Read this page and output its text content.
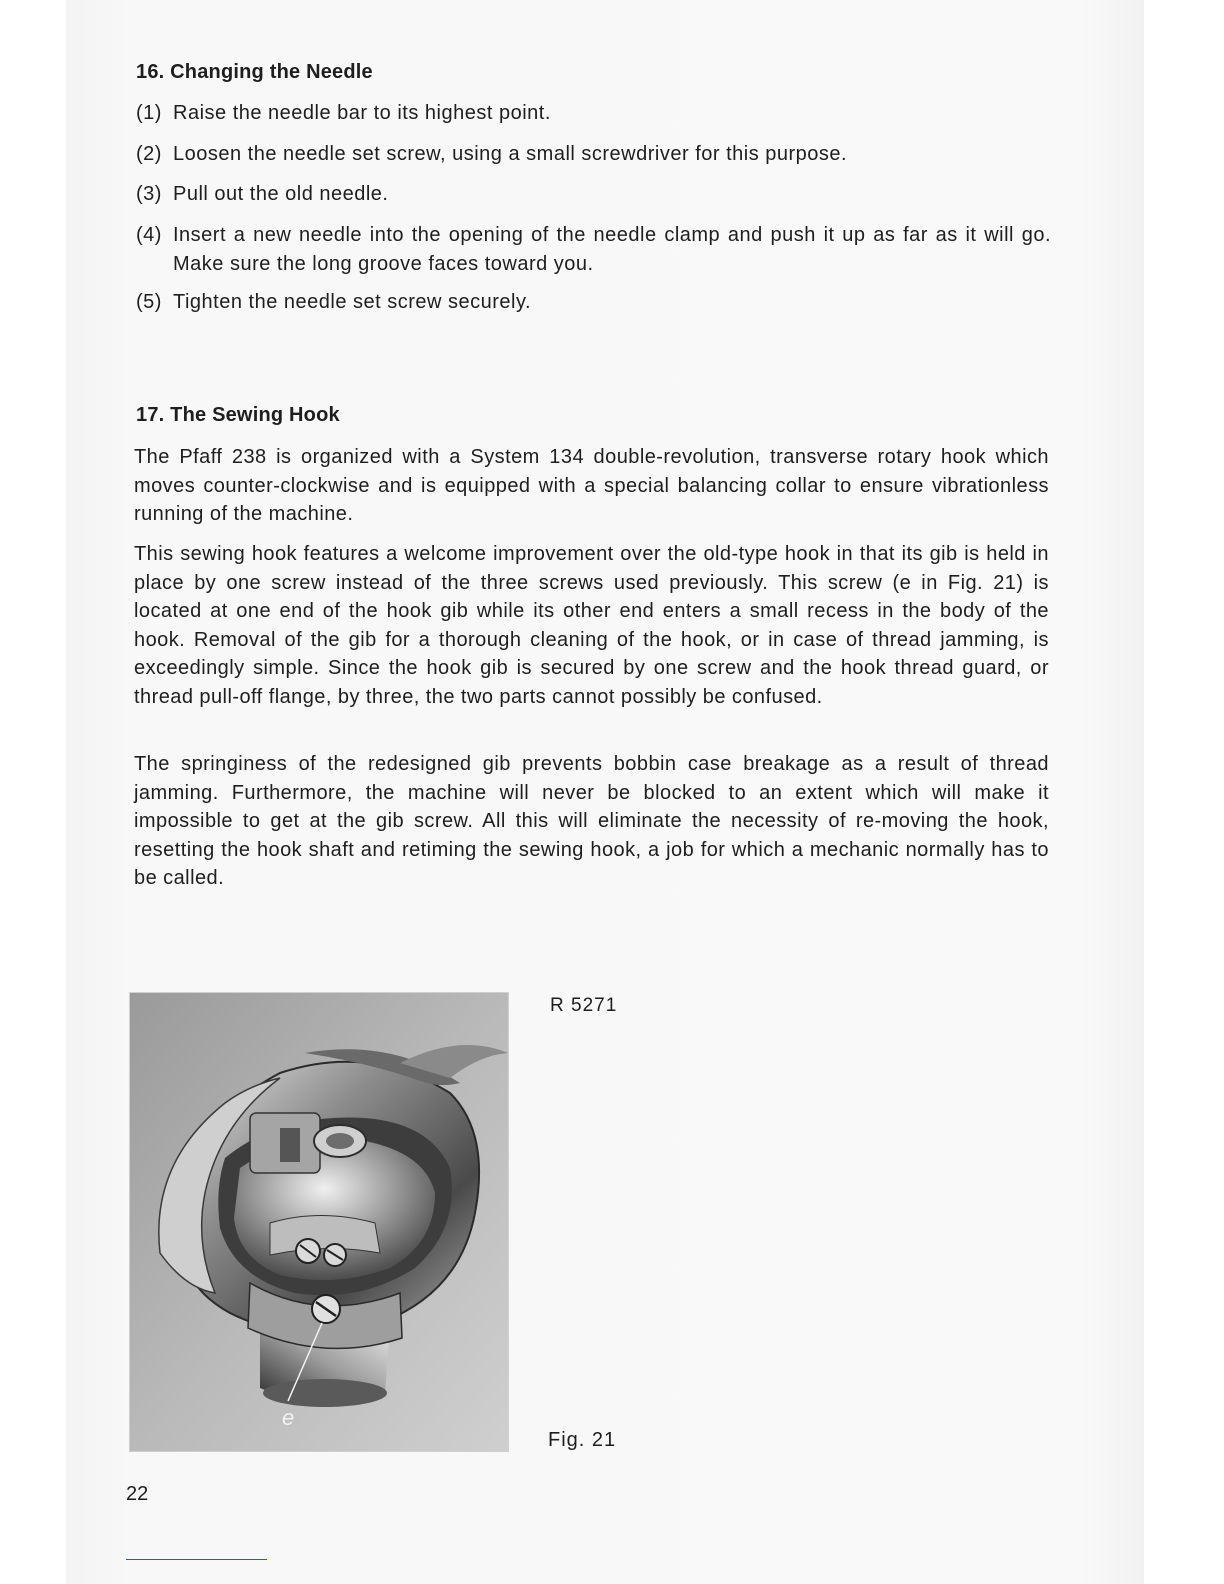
16. Changing the Needle
(1) Raise the needle bar to its highest point.
(2) Loosen the needle set screw, using a small screwdriver for this purpose.
(3) Pull out the old needle.
(4) Insert a new needle into the opening of the needle clamp and push it up as far as it will go. Make sure the long groove faces toward you.
(5) Tighten the needle set screw securely.
17. The Sewing Hook

The Pfaff 238 is organized with a System 134 double-revolution, transverse rotary hook which moves counter-clockwise and is equipped with a special balancing collar to ensure vibrationless running of the machine.

This sewing hook features a welcome improvement over the old-type hook in that its gib is held in place by one screw instead of the three screws used previously. This screw (e in Fig. 21) is located at one end of the hook gib while its other end enters a small recess in the body of the hook. Removal of the gib for a thorough cleaning of the hook, or in case of thread jamming, is exceedingly simple. Since the hook gib is secured by one screw and the hook thread guard, or thread pull-off flange, by three, the two parts cannot possibly be confused.

The springiness of the redesigned gib prevents bobbin case breakage as a result of thread jamming. Furthermore, the machine will never be blocked to an extent which will make it impossible to get at the gib screw. All this will eliminate the necessity of re-moving the hook, resetting the hook shaft and retiming the sewing hook, a job for which a mechanic normally has to be called.

e
R 5271
Fig. 21
22
